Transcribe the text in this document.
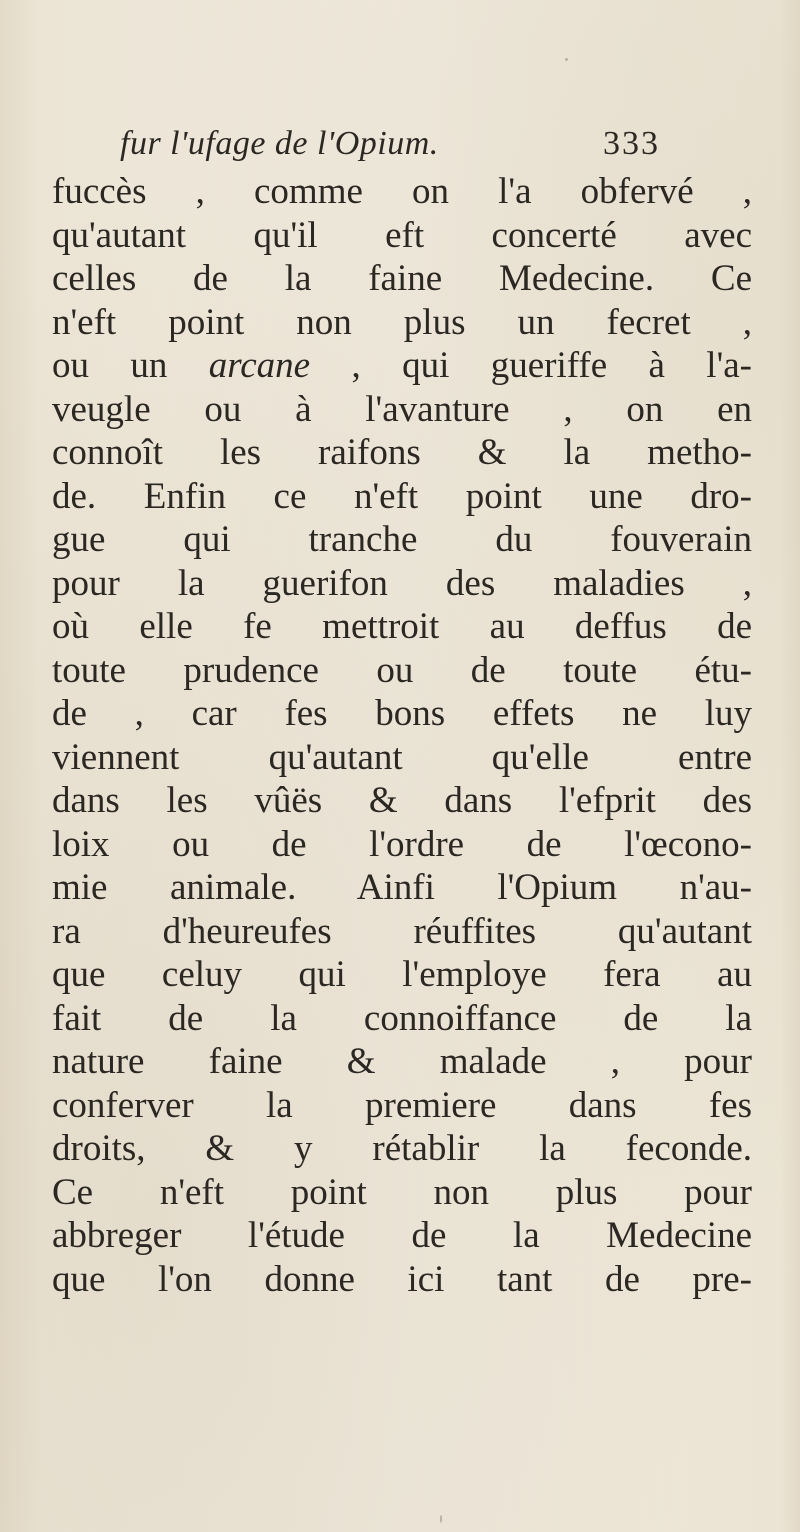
fur l'ufage de l'Opium.	333
fuccès , comme on l'a obfervé ,
qu'autant qu'il eft concerté avec
celles de la faine Medecine. Ce
n'eft point non plus un fecret ,
ou un arcane , qui gueriffe à l'a-
veugle ou à l'avanture , on en
connoît les raifons & la metho-
de. Enfin ce n'eft point une dro-
gue qui tranche du fouverain
pour la guerifon des maladies ,
où elle fe mettroit au deffus de
toute prudence ou de toute étu-
de , car fes bons effets ne luy
viennent qu'autant qu'elle entre
dans les vûës & dans l'efprit des
loix ou de l'ordre de l'œcono-
mie animale. Ainfi l'Opium n'au-
ra d'heureufes réuffites qu'autant
que celuy qui l'employe fera au
fait de la connoiffance de la
nature faine & malade , pour
conferver la premiere dans fes
droits, & y rétablir la feconde.
Ce n'eft point non plus pour
abbreger l'étude de la Medecine
que l'on donne ici tant de pre-
